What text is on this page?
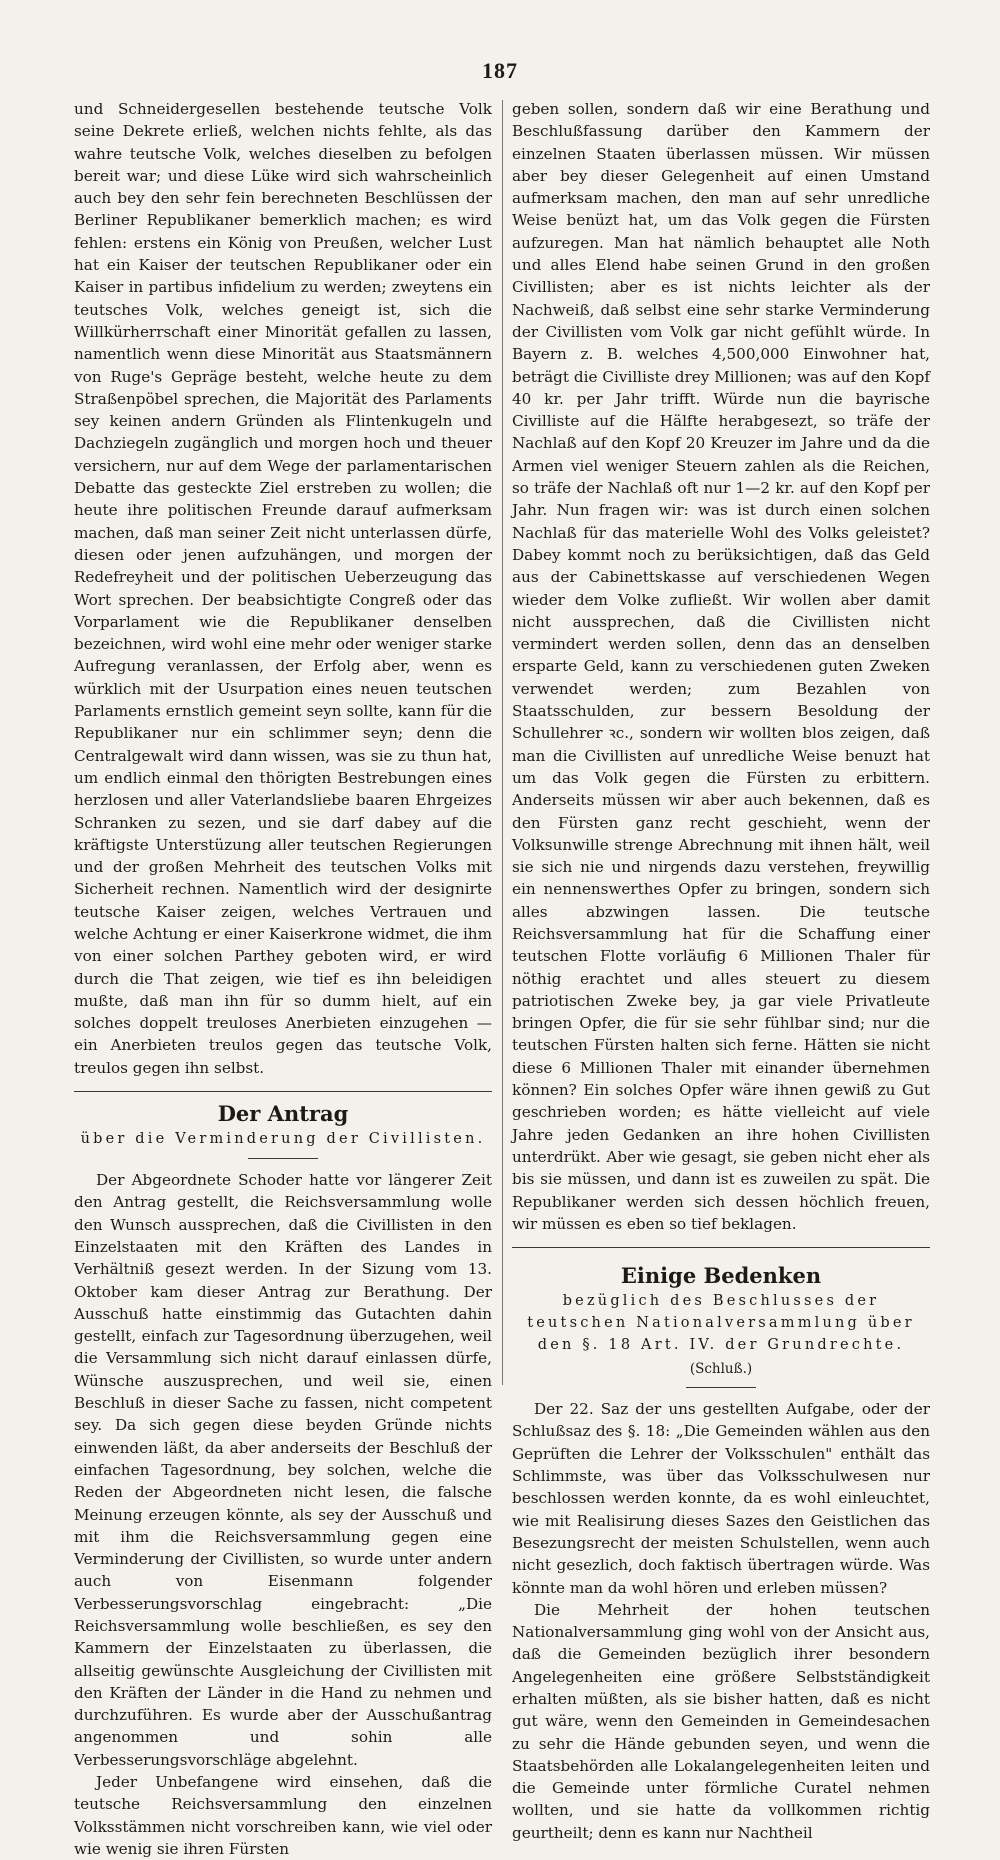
187

und Schneidergesellen bestehende teutsche Volk seine Dekrete erließ, welchen nichts fehlte, als das wahre teutsche Volk, welches dieselben zu befolgen bereit war; und diese Lüke wird sich wahrscheinlich auch bey den sehr fein berechneten Beschlüssen der Berliner Republikaner bemerklich machen; es wird fehlen: erstens ein König von Preußen, welcher Lust hat ein Kaiser der teutschen Republikaner oder ein Kaiser in partibus infidelium zu werden; zweytens ein teutsches Volk, welches geneigt ist, sich die Willkürherrschaft einer Minorität gefallen zu lassen, namentlich wenn diese Minorität aus Staatsmännern von Ruge's Gepräge besteht, welche heute zu dem Straßenpöbel sprechen, die Majorität des Parlaments sey keinen andern Gründen als Flintenkugeln und Dachziegeln zugänglich und morgen hoch und theuer versichern, nur auf dem Wege der parlamentarischen Debatte das gesteckte Ziel erstreben zu wollen; die heute ihre politischen Freunde darauf aufmerksam machen, daß man seiner Zeit nicht unterlassen dürfe, diesen oder jenen aufzuhängen, und morgen der Redefreyheit und der politischen Ueberzeugung das Wort sprechen. Der beabsichtigte Congreß oder das Vorparlament wie die Republikaner denselben bezeichnen, wird wohl eine mehr oder weniger starke Aufregung veranlassen, der Erfolg aber, wenn es würklich mit der Usurpation eines neuen teutschen Parlaments ernstlich gemeint seyn sollte, kann für die Republikaner nur ein schlimmer seyn; denn die Centralgewalt wird dann wissen, was sie zu thun hat, um endlich einmal den thörigten Bestrebungen eines herzlosen und aller Vaterlandsliebe baaren Ehrgeizes Schranken zu sezen, und sie darf dabey auf die kräftigste Unterstüzung aller teutschen Regierungen und der großen Mehrheit des teutschen Volks mit Sicherheit rechnen. Namentlich wird der designirte teutsche Kaiser zeigen, welches Vertrauen und welche Achtung er einer Kaiserkrone widmet, die ihm von einer solchen Parthey geboten wird, er wird durch die That zeigen, wie tief es ihn beleidigen mußte, daß man ihn für so dumm hielt, auf ein solches doppelt treuloses Anerbieten einzugehen — ein Anerbieten treulos gegen das teutsche Volk, treulos gegen ihn selbst.

Der Antrag

über die Verminderung der Civillisten.

Der Abgeordnete Schoder hatte vor längerer Zeit den Antrag gestellt, die Reichsversammlung wolle den Wunsch aussprechen, daß die Civillisten in den Einzelstaaten mit den Kräften des Landes in Verhältniß gesezt werden. In der Sizung vom 13. Oktober kam dieser Antrag zur Berathung. Der Ausschuß hatte einstimmig das Gutachten dahin gestellt, einfach zur Tagesordnung überzugehen, weil die Versammlung sich nicht darauf einlassen dürfe, Wünsche auszusprechen, und weil sie, einen Beschluß in dieser Sache zu fassen, nicht competent sey. Da sich gegen diese beyden Gründe nichts einwenden läßt, da aber anderseits der Beschluß der einfachen Tagesordnung, bey solchen, welche die Reden der Abgeordneten nicht lesen, die falsche Meinung erzeugen könnte, als sey der Ausschuß und mit ihm die Reichsversammlung gegen eine Verminderung der Civillisten, so wurde unter andern auch von Eisenmann folgender Verbesserungsvorschlag eingebracht: „Die Reichsversammlung wolle beschließen, es sey den Kammern der Einzelstaaten zu überlassen, die allseitig gewünschte Ausgleichung der Civillisten mit den Kräften der Länder in die Hand zu nehmen und durchzuführen. Es wurde aber der Ausschußantrag angenommen und sohin alle Verbesserungsvorschläge abgelehnt.

Jeder Unbefangene wird einsehen, daß die teutsche Reichsversammlung den einzelnen Volksstämmen nicht vorschreiben kann, wie viel oder wie wenig sie ihren Fürsten

geben sollen, sondern daß wir eine Berathung und Beschlußfassung darüber den Kammern der einzelnen Staaten überlassen müssen. Wir müssen aber bey dieser Gelegenheit auf einen Umstand aufmerksam machen, den man auf sehr unredliche Weise benüzt hat, um das Volk gegen die Fürsten aufzuregen. Man hat nämlich behauptet alle Noth und alles Elend habe seinen Grund in den großen Civillisten; aber es ist nichts leichter als der Nachweiß, daß selbst eine sehr starke Verminderung der Civillisten vom Volk gar nicht gefühlt würde. In Bayern z. B. welches 4,500,000 Einwohner hat, beträgt die Civilliste drey Millionen; was auf den Kopf 40 kr. per Jahr trifft. Würde nun die bayrische Civilliste auf die Hälfte herabgesezt, so träfe der Nachlaß auf den Kopf 20 Kreuzer im Jahre und da die Armen viel weniger Steuern zahlen als die Reichen, so träfe der Nachlaß oft nur 1—2 kr. auf den Kopf per Jahr. Nun fragen wir: was ist durch einen solchen Nachlaß für das materielle Wohl des Volks geleistet? Dabey kommt noch zu berüksichtigen, daß das Geld aus der Cabinettskasse auf verschiedenen Wegen wieder dem Volke zufließt. Wir wollen aber damit nicht aussprechen, daß die Civillisten nicht vermindert werden sollen, denn das an denselben ersparte Geld, kann zu verschiedenen guten Zweken verwendet werden; zum Bezahlen von Staatsschulden, zur bessern Besoldung der Schullehrer ꝛc., sondern wir wollten blos zeigen, daß man die Civillisten auf unredliche Weise benuzt hat um das Volk gegen die Fürsten zu erbittern. Anderseits müssen wir aber auch bekennen, daß es den Fürsten ganz recht geschieht, wenn der Volksunwille strenge Abrechnung mit ihnen hält, weil sie sich nie und nirgends dazu verstehen, freywillig ein nennenswerthes Opfer zu bringen, sondern sich alles abzwingen lassen. Die teutsche Reichsversammlung hat für die Schaffung einer teutschen Flotte vorläufig 6 Millionen Thaler für nöthig erachtet und alles steuert zu diesem patriotischen Zweke bey, ja gar viele Privatleute bringen Opfer, die für sie sehr fühlbar sind; nur die teutschen Fürsten halten sich ferne. Hätten sie nicht diese 6 Millionen Thaler mit einander übernehmen können? Ein solches Opfer wäre ihnen gewiß zu Gut geschrieben worden; es hätte vielleicht auf viele Jahre jeden Gedanken an ihre hohen Civillisten unterdrükt. Aber wie gesagt, sie geben nicht eher als bis sie müssen, und dann ist es zuweilen zu spät. Die Republikaner werden sich dessen höchlich freuen, wir müssen es eben so tief beklagen.

Einige Bedenken

bezüglich des Beschlusses der teutschen Nationalversammlung über den §. 18 Art. IV. der Grundrechte.

(Schluß.)

Der 22. Saz der uns gestellten Aufgabe, oder der Schlußsaz des §. 18: „Die Gemeinden wählen aus den Geprüften die Lehrer der Volksschulen" enthält das Schlimmste, was über das Volksschulwesen nur beschlossen werden konnte, da es wohl einleuchtet, wie mit Realisirung dieses Sazes den Geistlichen das Besezungsrecht der meisten Schulstellen, wenn auch nicht gesezlich, doch faktisch übertragen würde. Was könnte man da wohl hören und erleben müssen?

Die Mehrheit der hohen teutschen Nationalversammlung ging wohl von der Ansicht aus, daß die Gemeinden bezüglich ihrer besondern Angelegenheiten eine größere Selbstständigkeit erhalten müßten, als sie bisher hatten, daß es nicht gut wäre, wenn den Gemeinden in Gemeindesachen zu sehr die Hände gebunden seyen, und wenn die Staatsbehörden alle Lokalangelegenheiten leiten und die Gemeinde unter förmliche Curatel nehmen wollten, und sie hatte da vollkommen richtig geurtheilt; denn es kann nur Nachtheil
